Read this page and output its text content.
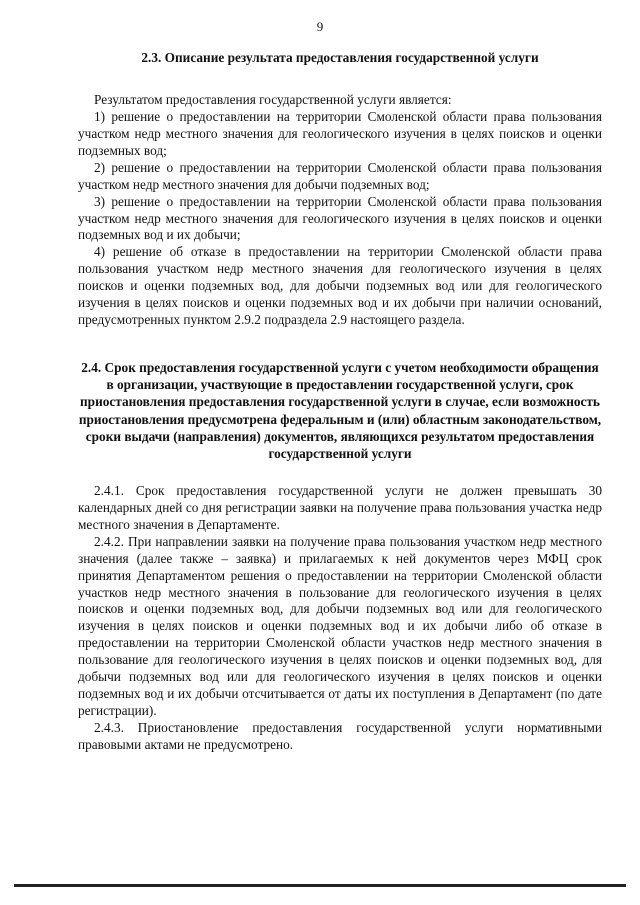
9
2.3. Описание результата предоставления государственной услуги

Результатом предоставления государственной услуги является:

1) решение о предоставлении на территории Смоленской области права пользования участком недр местного значения для геологического изучения в целях поисков и оценки подземных вод;

2) решение о предоставлении на территории Смоленской области права пользования участком недр местного значения для добычи подземных вод;

3) решение о предоставлении на территории Смоленской области права пользования участком недр местного значения для геологического изучения в целях поисков и оценки подземных вод и их добычи;

4) решение об отказе в предоставлении на территории Смоленской области права пользования участком недр местного значения для геологического изучения в целях поисков и оценки подземных вод, для добычи подземных вод или для геологического изучения в целях поисков и оценки подземных вод и их добычи при наличии оснований, предусмотренных пунктом 2.9.2 подраздела 2.9 настоящего раздела.

2.4. Срок предоставления государственной услуги с учетом необходимости обращения в организации, участвующие в предоставлении государственной услуги, срок приостановления предоставления государственной услуги в случае, если возможность приостановления предусмотрена федеральным и (или) областным законодательством, сроки выдачи (направления) документов, являющихся результатом предоставления государственной услуги

2.4.1. Срок предоставления государственной услуги не должен превышать 30 календарных дней со дня регистрации заявки на получение права пользования участка недр местного значения в Департаменте.

2.4.2. При направлении заявки на получение права пользования участком недр местного значения (далее также – заявка) и прилагаемых к ней документов через МФЦ срок принятия Департаментом решения о предоставлении на территории Смоленской области участков недр местного значения в пользование для геологического изучения в целях поисков и оценки подземных вод, для добычи подземных вод или для геологического изучения в целях поисков и оценки подземных вод и их добычи либо об отказе в предоставлении на территории Смоленской области участков недр местного значения в пользование для геологического изучения в целях поисков и оценки подземных вод, для добычи подземных вод или для геологического изучения в целях поисков и оценки подземных вод и их добычи отсчитывается от даты их поступления в Департамент (по дате регистрации).

2.4.3. Приостановление предоставления государственной услуги нормативными правовыми актами не предусмотрено.
